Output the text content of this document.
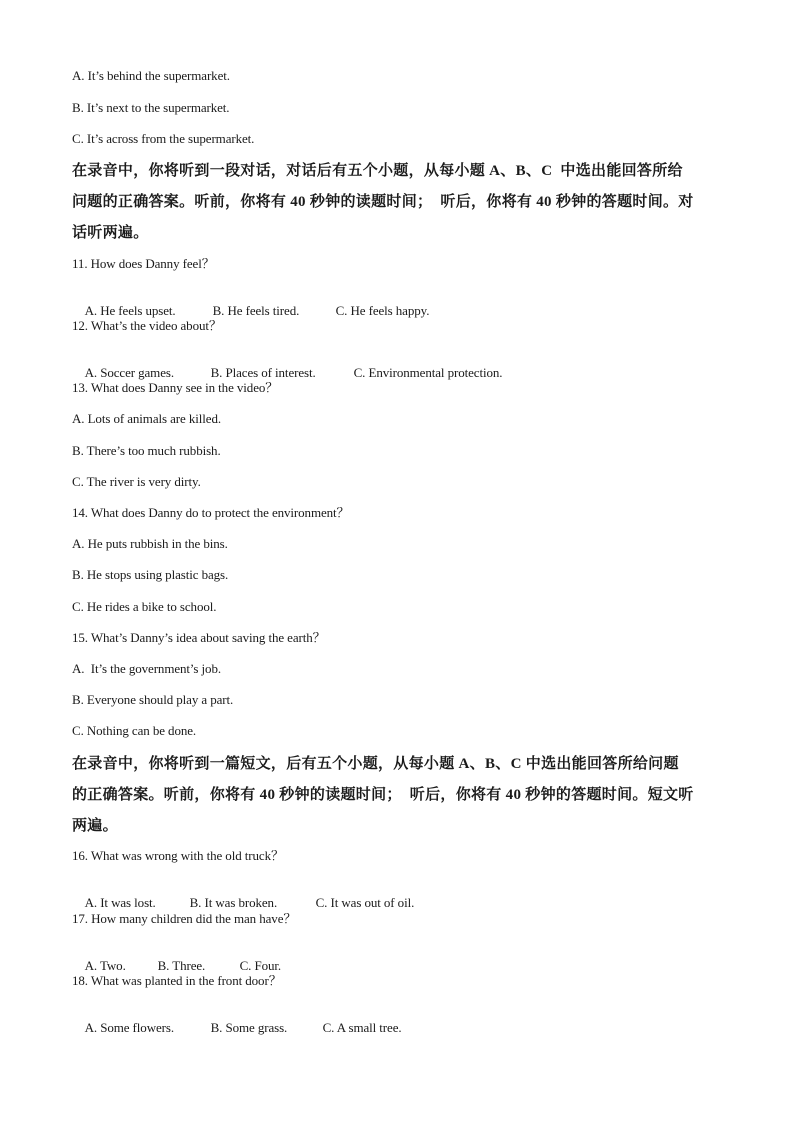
A. It’s behind the supermarket.
B. It’s next to the supermarket.
C. It’s across from the supermarket.
在录音中，你将听到一段对话，对话后有五个小题，从每小题 A、B、C  中选出能回答所给
问题的正确答案。听前，你将有 40 秒钟的读题时间；  听后，你将有 40 秒钟的答题时间。对
话听两遍。
11. How does Danny feel？

A. He feels upset.	B. He feels tired.	C. He feels happy.

12. What’s the video about？

A. Soccer games.	B. Places of interest.	C. Environmental protection.

13. What does Danny see in the video？
A. Lots of animals are killed.
B. There’s too much rubbish.
C. The river is very dirty.
14. What does Danny do to protect the environment？
A. He puts rubbish in the bins.
B. He stops using plastic bags.
C. He rides a bike to school.
15. What’s Danny’s idea about saving the earth？
A.  It’s the government’s job.
B. Everyone should play a part.
C. Nothing can be done.
在录音中，你将听到一篇短文，后有五个小题，从每小题 A、B、C 中选出能回答所给问题
的正确答案。听前，你将有 40 秒钟的读题时间；  听后，你将有 40 秒钟的答题时间。短文听
两遍。
16. What was wrong with the old truck？

A. It was lost.	B. It was broken.	C. It was out of oil.

17. How many children did the man have？

A. Two. B. Three.	C. Four.

18. What was planted in the front door？

A. Some flowers.	B. Some grass.	C. A small tree.
